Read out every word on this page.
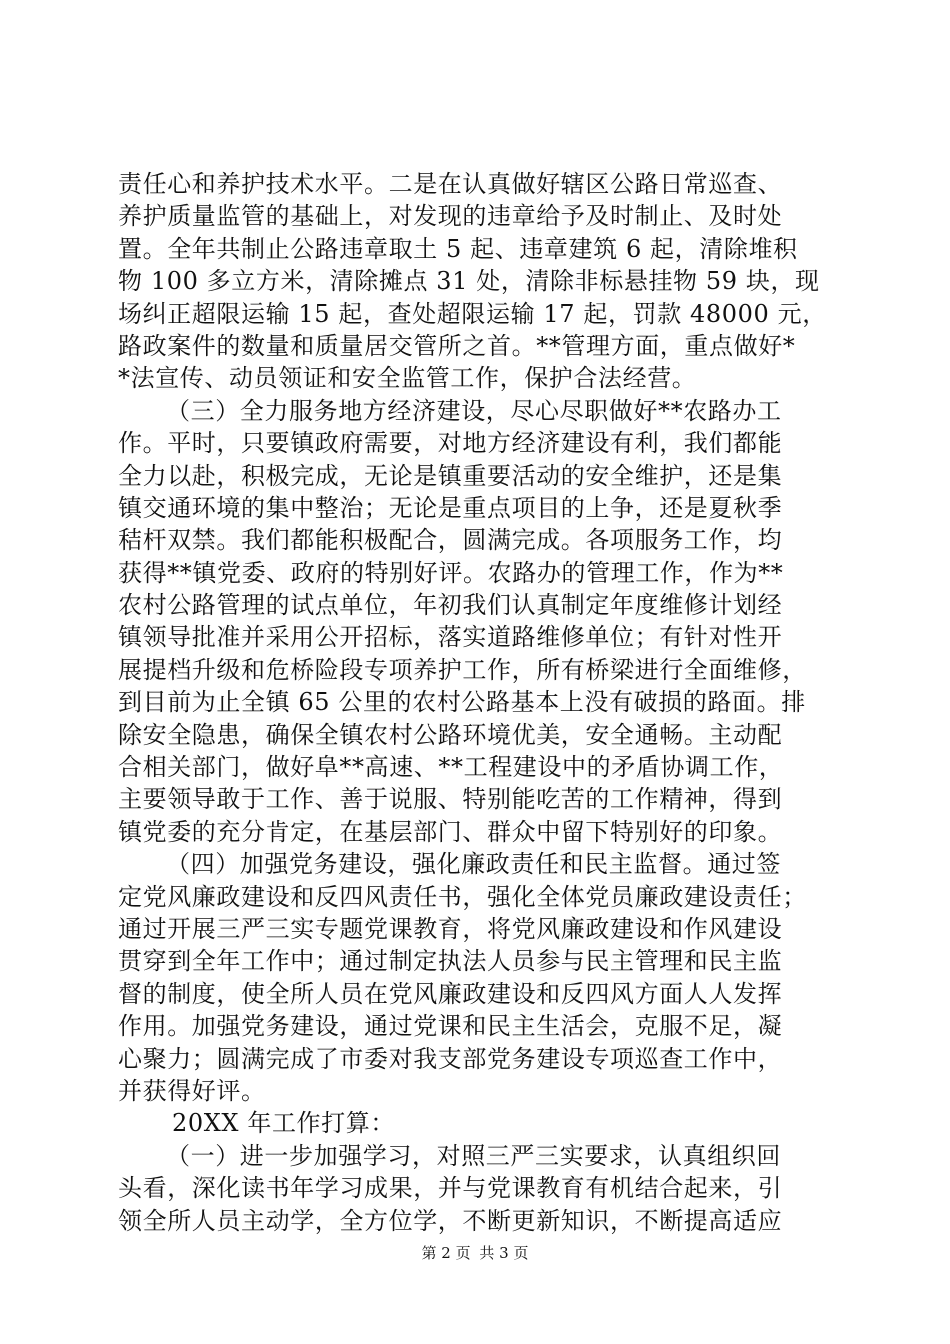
责任心和养护技术水平。二是在认真做好辖区公路日常巡查、
养护质量监管的基础上，对发现的违章给予及时制止、及时处
置。全年共制止公路违章取土 5 起、违章建筑 6 起，清除堆积
物 100 多立方米，清除摊点 31 处，清除非标悬挂物 59 块，现
场纠正超限运输 15 起，查处超限运输 17 起，罚款 48000 元，
路政案件的数量和质量居交管所之首。**管理方面，重点做好*
*法宣传、动员领证和安全监管工作，保护合法经营。
（三）全力服务地方经济建设，尽心尽职做好**农路办工
作。平时，只要镇政府需要，对地方经济建设有利，我们都能
全力以赴，积极完成，无论是镇重要活动的安全维护，还是集
镇交通环境的集中整治；无论是重点项目的上争，还是夏秋季
秸杆双禁。我们都能积极配合，圆满完成。各项服务工作，均
获得**镇党委、政府的特别好评。农路办的管理工作，作为**
农村公路管理的试点单位，年初我们认真制定年度维修计划经
镇领导批准并采用公开招标，落实道路维修单位；有针对性开
展提档升级和危桥险段专项养护工作，所有桥梁进行全面维修，
到目前为止全镇 65 公里的农村公路基本上没有破损的路面。排
除安全隐患，确保全镇农村公路环境优美，安全通畅。主动配
合相关部门，做好阜**高速、**工程建设中的矛盾协调工作，
主要领导敢于工作、善于说服、特别能吃苦的工作精神，得到
镇党委的充分肯定，在基层部门、群众中留下特别好的印象。
（四）加强党务建设，强化廉政责任和民主监督。通过签
定党风廉政建设和反四风责任书，强化全体党员廉政建设责任；
通过开展三严三实专题党课教育，将党风廉政建设和作风建设
贯穿到全年工作中；通过制定执法人员参与民主管理和民主监
督的制度，使全所人员在党风廉政建设和反四风方面人人发挥
作用。加强党务建设，通过党课和民主生活会，克服不足，凝
心聚力；圆满完成了市委对我支部党务建设专项巡查工作中，
并获得好评。
20XX 年工作打算：
（一）进一步加强学习，对照三严三实要求，认真组织回
头看，深化读书年学习成果，并与党课教育有机结合起来，引
领全所人员主动学，全方位学，不断更新知识，不断提高适应
第 2 页 共 3 页
